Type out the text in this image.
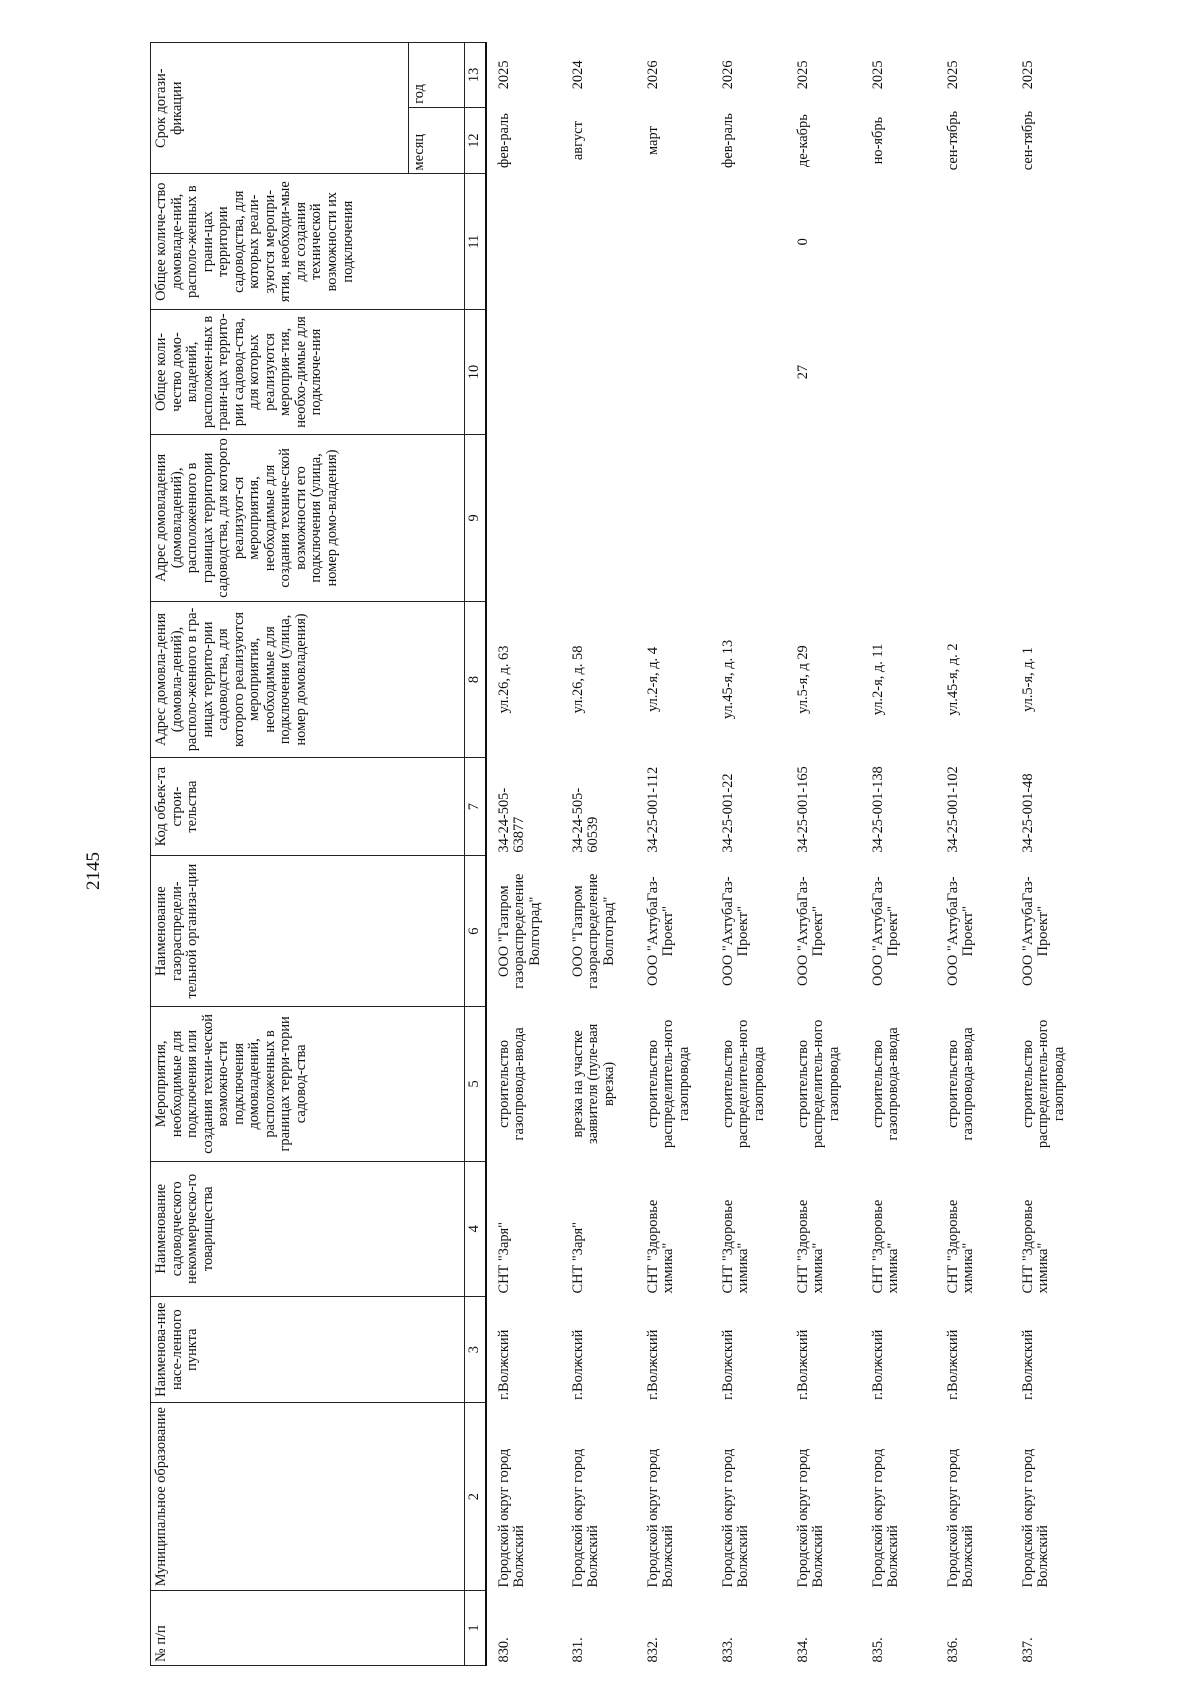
2145
№ п/п	Муниципальное образование	Наименова-ние насе-ленного пункта	Наименование садоводческого некоммерческо-го товарищества	Мероприятия, необходимые для подключения или создания техни-ческой возможно-сти подключения домовладений, расположенных в границах терри-тории садовод-ства	Наименование газораспредели-тельной организа-ции	Код объек-та строи-тельства	Адрес домовла-дения (домовла-дений), располо-женного в гра-ницах террито-рии садоводства, для которого реализуются мероприятия, необходимые для подключения (улица, номер домовладения)	Адрес домовладения (домовладений), расположенного в границах территории садоводства, для которого реализуют-ся мероприятия, необходимые для создания техниче-ской возможности его подключения (улица, номер домо-владения)	Общее коли-чество домо-владений, расположен-ных в грани-цах террито-рии садовод-ства, для которых реализуются мероприя-тия, необхо-димые для подключе-ния	Общее количе-ство домовладе-ний, располо-женных в грани-цах территории садоводства, для которых реали-зуются меропри-ятия, необходи-мые для создания технической возможности их подключения	Срок догази-фикации	
											месяц	год
1	2	3	4	5	6	7	8	9	10	11	12	13
830.	Городской округ город Волжский	г.Волжский	СНТ "Заря"	строительство газопровода-ввода	ООО "Газпром газораспределение Волгоград"	34-24-505-63877	ул.26, д. 63				фев-раль	2025
831.	Городской округ город Волжский	г.Волжский	СНТ "Заря"	врезка на участке заявителя (пуле-вая врезка)	ООО "Газпром газораспределение Волгоград"	34-24-505-60539	ул.26, д. 58				август	2024
832.	Городской округ город Волжский	г.Волжский	СНТ "Здоровье химика"	строительство распределитель-ного газопровода	ООО "АхтубаГаз-Проект"	34-25-001-112	ул.2-я, д. 4				март	2026
833.	Городской округ город Волжский	г.Волжский	СНТ "Здоровье химика"	строительство распределитель-ного газопровода	ООО "АхтубаГаз-Проект"	34-25-001-22	ул.45-я, д. 13				фев-раль	2026
834.	Городской округ город Волжский	г.Волжский	СНТ "Здоровье химика"	строительство распределитель-ного газопровода	ООО "АхтубаГаз-Проект"	34-25-001-165	ул.5-я, д 29		27	0	де-кабрь	2025
835.	Городской округ город Волжский	г.Волжский	СНТ "Здоровье химика"	строительство газопровода-ввода	ООО "АхтубаГаз-Проект"	34-25-001-138	ул.2-я, д. 11				но-ябрь	2025
836.	Городской округ город Волжский	г.Волжский	СНТ "Здоровье химика"	строительство газопровода-ввода	ООО "АхтубаГаз-Проект"	34-25-001-102	ул.45-я, д. 2				сен-тябрь	2025
837.	Городской округ город Волжский	г.Волжский	СНТ "Здоровье химика"	строительство распределитель-ного газопровода	ООО "АхтубаГаз-Проект"	34-25-001-48	ул.5-я, д. 1				сен-тябрь	2025
